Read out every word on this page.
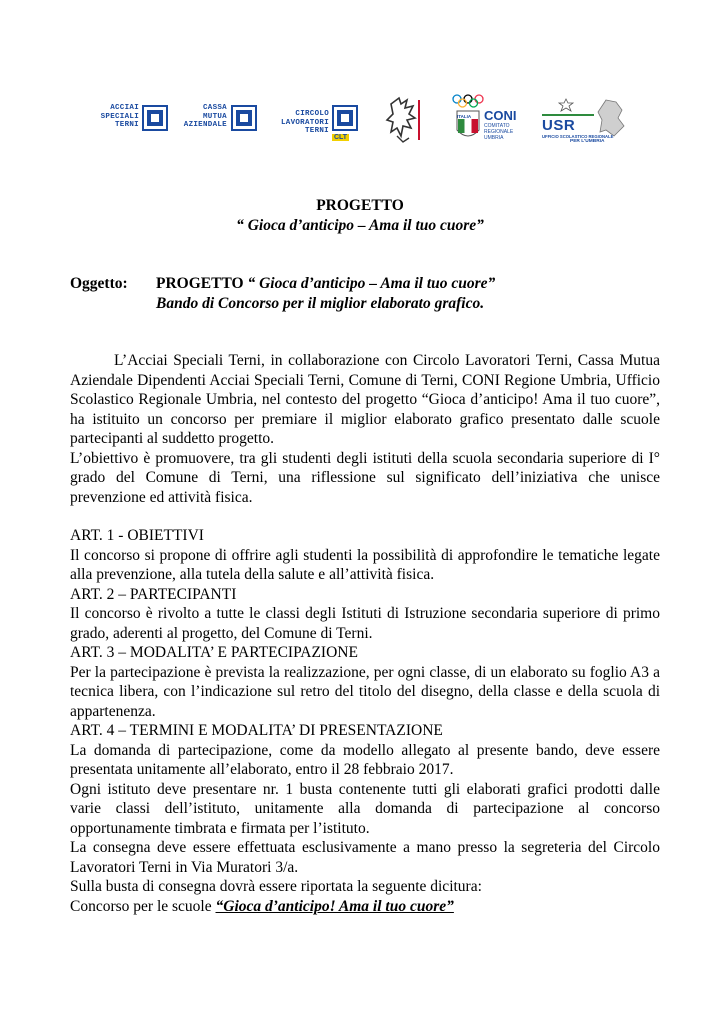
ACCIAI
SPECIALI
TERNI
CASSA
MUTUA
AZIENDALE
CIRCOLO
LAVORATORI
TERNI
CLT
ITALIA CONI
COMITATO
REGIONALE
UMBRIA
USR
UFFICIO SCOLASTICO REGIONALE
PER L'UMBRIA
PROGETTO
“ Gioca d’anticipo – Ama il tuo cuore”
Oggetto: PROGETTO “ Gioca d’anticipo – Ama il tuo cuore”
Bando di Concorso per il miglior elaborato grafico.

L’Acciai Speciali Terni, in collaborazione con Circolo Lavoratori Terni, Cassa Mutua Aziendale Dipendenti Acciai Speciali Terni, Comune di Terni, CONI Regione Umbria, Ufficio Scolastico Regionale Umbria, nel contesto del progetto “Gioca d’anticipo! Ama il tuo cuore”, ha istituito un concorso per premiare il miglior elaborato grafico presentato dalle scuole partecipanti al suddetto progetto.

L’obiettivo è promuovere, tra gli studenti degli istituti della scuola secondaria superiore di I° grado del Comune di Terni, una riflessione sul significato dell’iniziativa che unisce prevenzione ed attività fisica.

ART. 1 - OBIETTIVI

Il concorso si propone di offrire agli studenti la possibilità di approfondire le tematiche legate alla prevenzione, alla tutela della salute e all’attività fisica.

ART. 2 – PARTECIPANTI

Il concorso è rivolto a tutte le classi degli Istituti di Istruzione secondaria superiore di primo grado, aderenti al progetto, del Comune di Terni.

ART. 3 – MODALITA’ E PARTECIPAZIONE

Per la partecipazione è prevista la realizzazione, per ogni classe, di un elaborato su foglio A3 a tecnica libera, con l’indicazione sul retro del titolo del disegno, della classe e della scuola di appartenenza.

ART. 4 – TERMINI E MODALITA’ DI PRESENTAZIONE

La domanda di partecipazione, come da modello allegato al presente bando, deve essere presentata unitamente all’elaborato, entro il 28 febbraio 2017.

Ogni istituto deve presentare nr. 1 busta contenente tutti gli elaborati grafici prodotti dalle varie classi dell’istituto, unitamente alla domanda di partecipazione al concorso opportunamente timbrata e firmata per l’istituto.

La consegna deve essere effettuata esclusivamente a mano presso la segreteria del Circolo Lavoratori Terni in Via Muratori 3/a.

Sulla busta di consegna dovrà essere riportata la seguente dicitura:

Concorso per le scuole “Gioca d’anticipo! Ama il tuo cuore”
